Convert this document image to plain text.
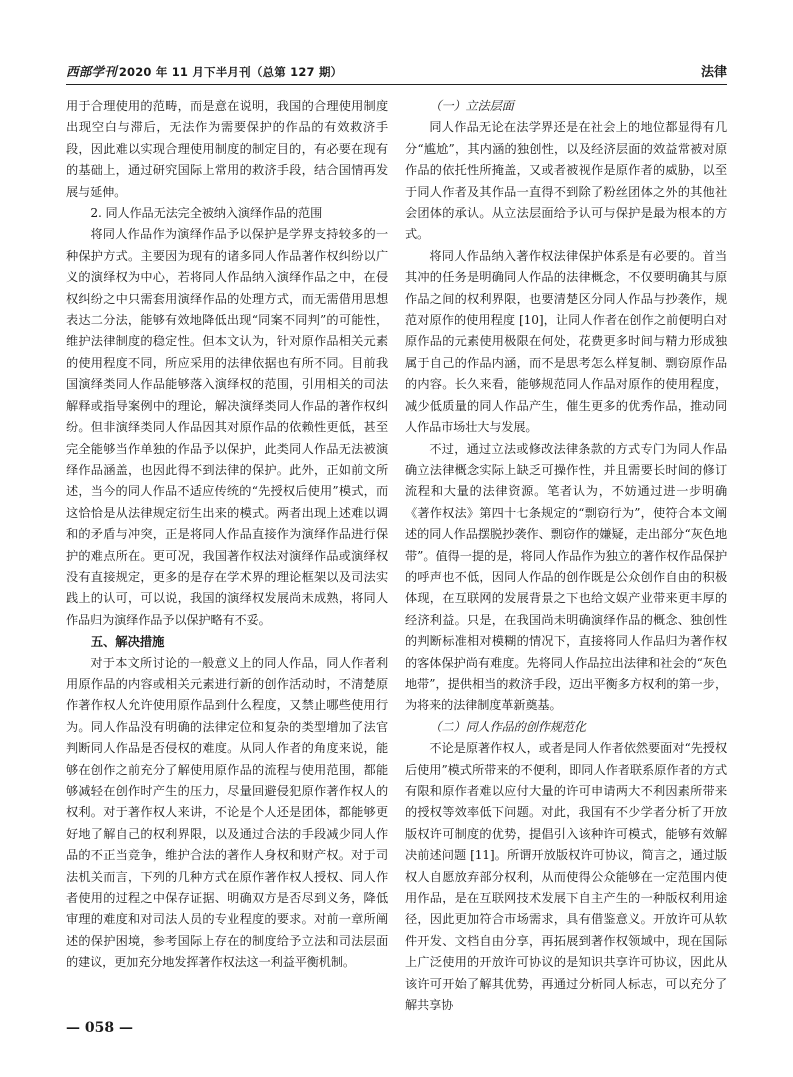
西部学刊 2020 年 11 月下半月刊（总第 127 期）	法律

用于合理使用的范畴，而是意在说明，我国的合理使用制度出现空白与滞后，无法作为需要保护的作品的有效救济手段，因此难以实现合理使用制度的制定目的，有必要在现有的基础上，通过研究国际上常用的救济手段，结合国情再发展与延伸。

2. 同人作品无法完全被纳入演绎作品的范围

将同人作品作为演绎作品予以保护是学界支持较多的一种保护方式。主要因为现有的诸多同人作品著作权纠纷以广义的演绎权为中心，若将同人作品纳入演绎作品之中，在侵权纠纷之中只需套用演绎作品的处理方式，而无需借用思想表达二分法，能够有效地降低出现“同案不同判”的可能性，维护法律制度的稳定性。但本文认为，针对原作品相关元素的使用程度不同，所应采用的法律依据也有所不同。目前我国演绎类同人作品能够落入演绎权的范围，引用相关的司法解释或指导案例中的理论，解决演绎类同人作品的著作权纠纷。但非演绎类同人作品因其对原作品的依赖性更低，甚至完全能够当作单独的作品予以保护，此类同人作品无法被演绎作品涵盖，也因此得不到法律的保护。此外，正如前文所述，当今的同人作品不适应传统的“先授权后使用”模式，而这恰恰是从法律规定衍生出来的模式。两者出现上述难以调和的矛盾与冲突，正是将同人作品直接作为演绎作品进行保护的难点所在。更可况，我国著作权法对演绎作品或演绎权没有直接规定，更多的是存在学术界的理论框架以及司法实践上的认可，可以说，我国的演绎权发展尚未成熟，将同人作品归为演绎作品予以保护略有不妥。

五、解决措施

对于本文所讨论的一般意义上的同人作品，同人作者利用原作品的内容或相关元素进行新的创作活动时，不清楚原作著作权人允许使用原作品到什么程度，又禁止哪些使用行为。同人作品没有明确的法律定位和复杂的类型增加了法官判断同人作品是否侵权的难度。从同人作者的角度来说，能够在创作之前充分了解使用原作品的流程与使用范围，都能够减轻在创作时产生的压力，尽量回避侵犯原作著作权人的权利。对于著作权人来讲，不论是个人还是团体，都能够更好地了解自己的权利界限，以及通过合法的手段减少同人作品的不正当竞争，维护合法的著作人身权和财产权。对于司法机关而言，下列的几种方式在原作著作权人授权、同人作者使用的过程之中保存证据、明确双方是否尽到义务，降低审理的难度和对司法人员的专业程度的要求。对前一章所阐述的保护困境，参考国际上存在的制度给予立法和司法层面的建议，更加充分地发挥著作权法这一利益平衡机制。

（一）立法层面

同人作品无论在法学界还是在社会上的地位都显得有几分“尴尬”，其内涵的独创性，以及经济层面的效益常被对原作品的依托性所掩盖，又或者被视作是原作者的威胁，以至于同人作者及其作品一直得不到除了粉丝团体之外的其他社会团体的承认。从立法层面给予认可与保护是最为根本的方式。

将同人作品纳入著作权法律保护体系是有必要的。首当其冲的任务是明确同人作品的法律概念，不仅要明确其与原作品之间的权利界限，也要清楚区分同人作品与抄袭作，规范对原作的使用程度 [10]，让同人作者在创作之前便明白对原作品的元素使用极限在何处，花费更多时间与精力形成独属于自己的作品内涵，而不是思考怎么样复制、剽窃原作品的内容。长久来看，能够规范同人作品对原作的使用程度，减少低质量的同人作品产生，催生更多的优秀作品，推动同人作品市场壮大与发展。

不过，通过立法或修改法律条款的方式专门为同人作品确立法律概念实际上缺乏可操作性，并且需要长时间的修订流程和大量的法律资源。笔者认为，不妨通过进一步明确《著作权法》第四十七条规定的“剽窃行为”，使符合本文阐述的同人作品摆脱抄袭作、剽窃作的嫌疑，走出部分“灰色地带”。值得一提的是，将同人作品作为独立的著作权作品保护的呼声也不低，因同人作品的创作既是公众创作自由的积极体现，在互联网的发展背景之下也给文娱产业带来更丰厚的经济利益。只是，在我国尚未明确演绎作品的概念、独创性的判断标准相对模糊的情况下，直接将同人作品归为著作权的客体保护尚有难度。先将同人作品拉出法律和社会的“灰色地带”，提供相当的救济手段，迈出平衡多方权利的第一步，为将来的法律制度革新奠基。

（二）同人作品的创作规范化

不论是原著作权人，或者是同人作者依然要面对“先授权后使用”模式所带来的不便利，即同人作者联系原作者的方式有限和原作者难以应付大量的许可申请两大不利因素所带来的授权等效率低下问题。对此，我国有不少学者分析了开放版权许可制度的优势，提倡引入该种许可模式，能够有效解决前述问题 [11]。所谓开放版权许可协议，简言之，通过版权人自愿放弃部分权利，从而使得公众能够在一定范围内使用作品，是在互联网技术发展下自主产生的一种版权利用途径，因此更加符合市场需求，具有借鉴意义。开放许可从软件开发、文档自由分享，再拓展到著作权领域中，现在国际上广泛使用的开放许可协议的是知识共享许可协议，因此从该许可开始了解其优势，再通过分析同人标志，可以充分了解共享协

— 058 —
